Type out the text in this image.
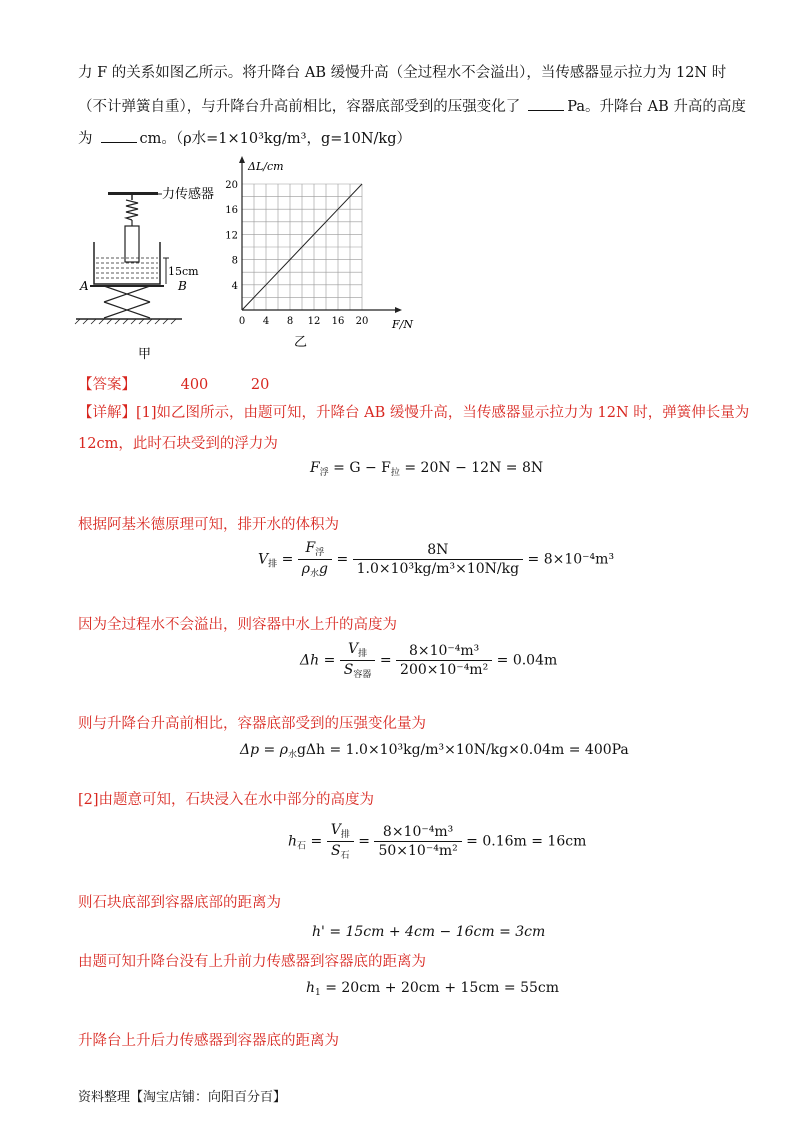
力 F 的关系如图乙所示。将升降台 AB 缓慢升高（全过程水不会溢出），当传感器显示拉力为 12N 时
（不计弹簧自重），与升降台升高前相比，容器底部受到的压强变化了	Pa。升降台 AB 升高的高度
为	cm。（ρ水=1×10³kg/m³，g=10N/kg）
力传感器
15cm
A	B
甲
0 4 8 12 16 20
4
8
12
16
20
ΔL/cm
F/N
乙
【答案】	400	20
【详解】[1]如乙图所示，由题可知，升降台 AB 缓慢升高，当传感器显示拉力为 12N 时，弹簧伸长量为
12cm，此时石块受到的浮力为
$F_浮 = G - F_拉 = 20N - 12N = 8N$
根据阿基米德原理可知，排开水的体积为
$V_排 = \frac{F_浮}{\rho_水g} = \frac{8N}{\text{1.0×10³kg/m³×10N/kg}} = 8\times 10^{-4}m^3$
因为全过程水不会溢出，则容器中水上升的高度为
$\Delta h = \frac{V_排}{S_{容器}} = \frac{\text{8×10⁻⁴m³}}{\text{200×10⁻⁴m²}} = 0.04m$
则与升降台升高前相比，容器底部受到的压强变化量为
$\Delta p = \rho_水g\Delta h = 1.0\times 10^3kg/m^3\times 10N/kg\times 0.04m = 400Pa$
[2]由题意可知，石块浸入在水中部分的高度为
$h_石 = \frac{V_排}{S_石} = \frac{\text{8×10⁻⁴m³}}{\text{50×10⁻⁴m²}} = 0.16m = 16cm$
则石块底部到容器底部的距离为
h' = 15cm + 4cm − 16cm = 3cm
由题可知升降台没有上升前力传感器到容器底的距离为
$h_1 = 20cm + 20cm + 15cm = 55cm$
升降台上升后力传感器到容器底的距离为
资料整理【淘宝店铺：向阳百分百】
